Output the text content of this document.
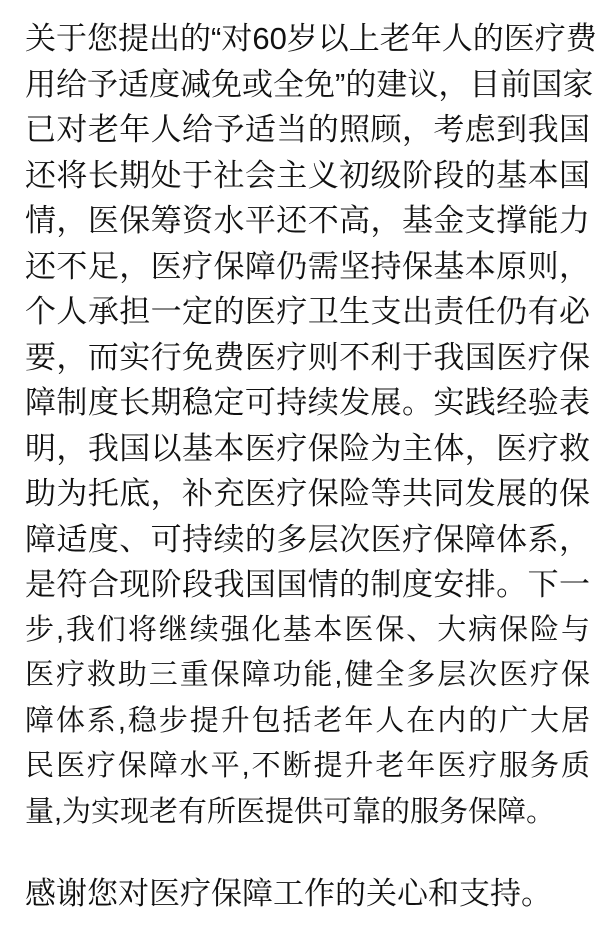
关于您提出的“对60岁以上老年人的医疗费
用给予适度减免或全免”的建议，目前国家
已对老年人给予适当的照顾，考虑到我国
还将长期处于社会主义初级阶段的基本国
情，医保筹资水平还不高，基金支撑能力
还不足，医疗保障仍需坚持保基本原则，
个人承担一定的医疗卫生支出责任仍有必
要，而实行免费医疗则不利于我国医疗保
障制度长期稳定可持续发展。实践经验表
明，我国以基本医疗保险为主体，医疗救
助为托底，补充医疗保险等共同发展的保
障适度、可持续的多层次医疗保障体系，
是符合现阶段我国国情的制度安排。下一
步,我们将继续强化基本医保、大病保险与
医疗救助三重保障功能,健全多层次医疗保
障体系,稳步提升包括老年人在内的广大居
民医疗保障水平,不断提升老年医疗服务质
量,为实现老有所医提供可靠的服务保障。
感谢您对医疗保障工作的关心和支持。
